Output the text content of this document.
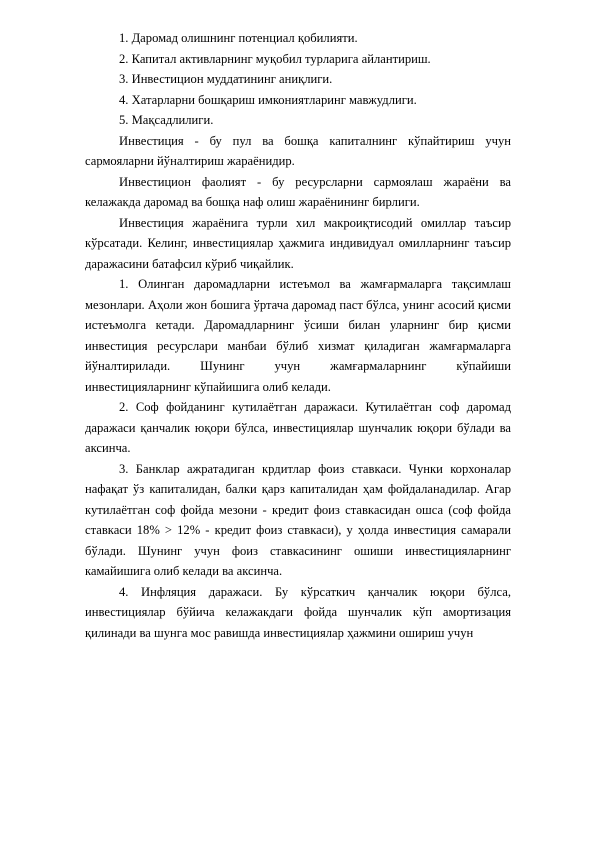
1. Даромад олишнинг потенциал қобилияти.

2. Капитал активларнинг муқобил турларига айлантириш.

3. Инвестицион муддатининг аниқлиги.

4. Хатарларни бошқариш имкониятларинг мавжудлиги.

5. Мақсадлилиги.

Инвестиция - бу пул ва бошқа капиталнинг кўпайтириш учун сармояларни йўналтириш жараёнидир.

Инвестицион фаолият - бу ресурсларни сармоялаш жараёни ва келажакда даромад ва бошқа наф олиш жараёнининг бирлиги.

Инвестиция жараёнига турли хил макроиқтисодий омиллар таъсир кўрсатади. Келинг, инвестициялар ҳажмига индивидуал омилларнинг таъсир даражасини батафсил кўриб чиқайлик.

1. Олинган даромадларни истеъмол ва жамғармаларга тақсимлаш мезонлари. Аҳоли жон бошига ўртача даромад паст бўлса, унинг асосий қисми истеъмолга кетади. Даромадларнинг ўсиши билан уларнинг бир қисми инвестиция ресурслари манбаи бўлиб хизмат қиладиган жамғармаларга йўналтирилади. Шунинг учун жамғармаларнинг кўпайиши инвестицияларнинг кўпайишига олиб келади.

2. Соф фойданинг кутилаётган даражаси. Кутилаётган соф даромад даражаси қанчалик юқори бўлса, инвестициялар шунчалик юқори бўлади ва аксинча.

3. Банклар ажратадиган крдитлар фоиз ставкаси. Чунки корхоналар нафақат ўз капиталидан, балки қарз капиталидан ҳам фойдаланадилар. Агар кутилаётган соф фойда мезони - кредит фоиз ставкасидан ошса (соф фойда ставкаси 18% > 12% - кредит фоиз ставкаси), у ҳолда инвестиция самарали бўлади. Шунинг учун фоиз ставкасининг ошиши инвестицияларнинг камайишига олиб келади ва аксинча.

4. Инфляция даражаси. Бу кўрсаткич қанчалик юқори бўлса, инвестициялар бўйича келажакдаги фойда шунчалик кўп амортизация қилинади ва шунга мос равишда инвестициялар ҳажмини ошириш учун
